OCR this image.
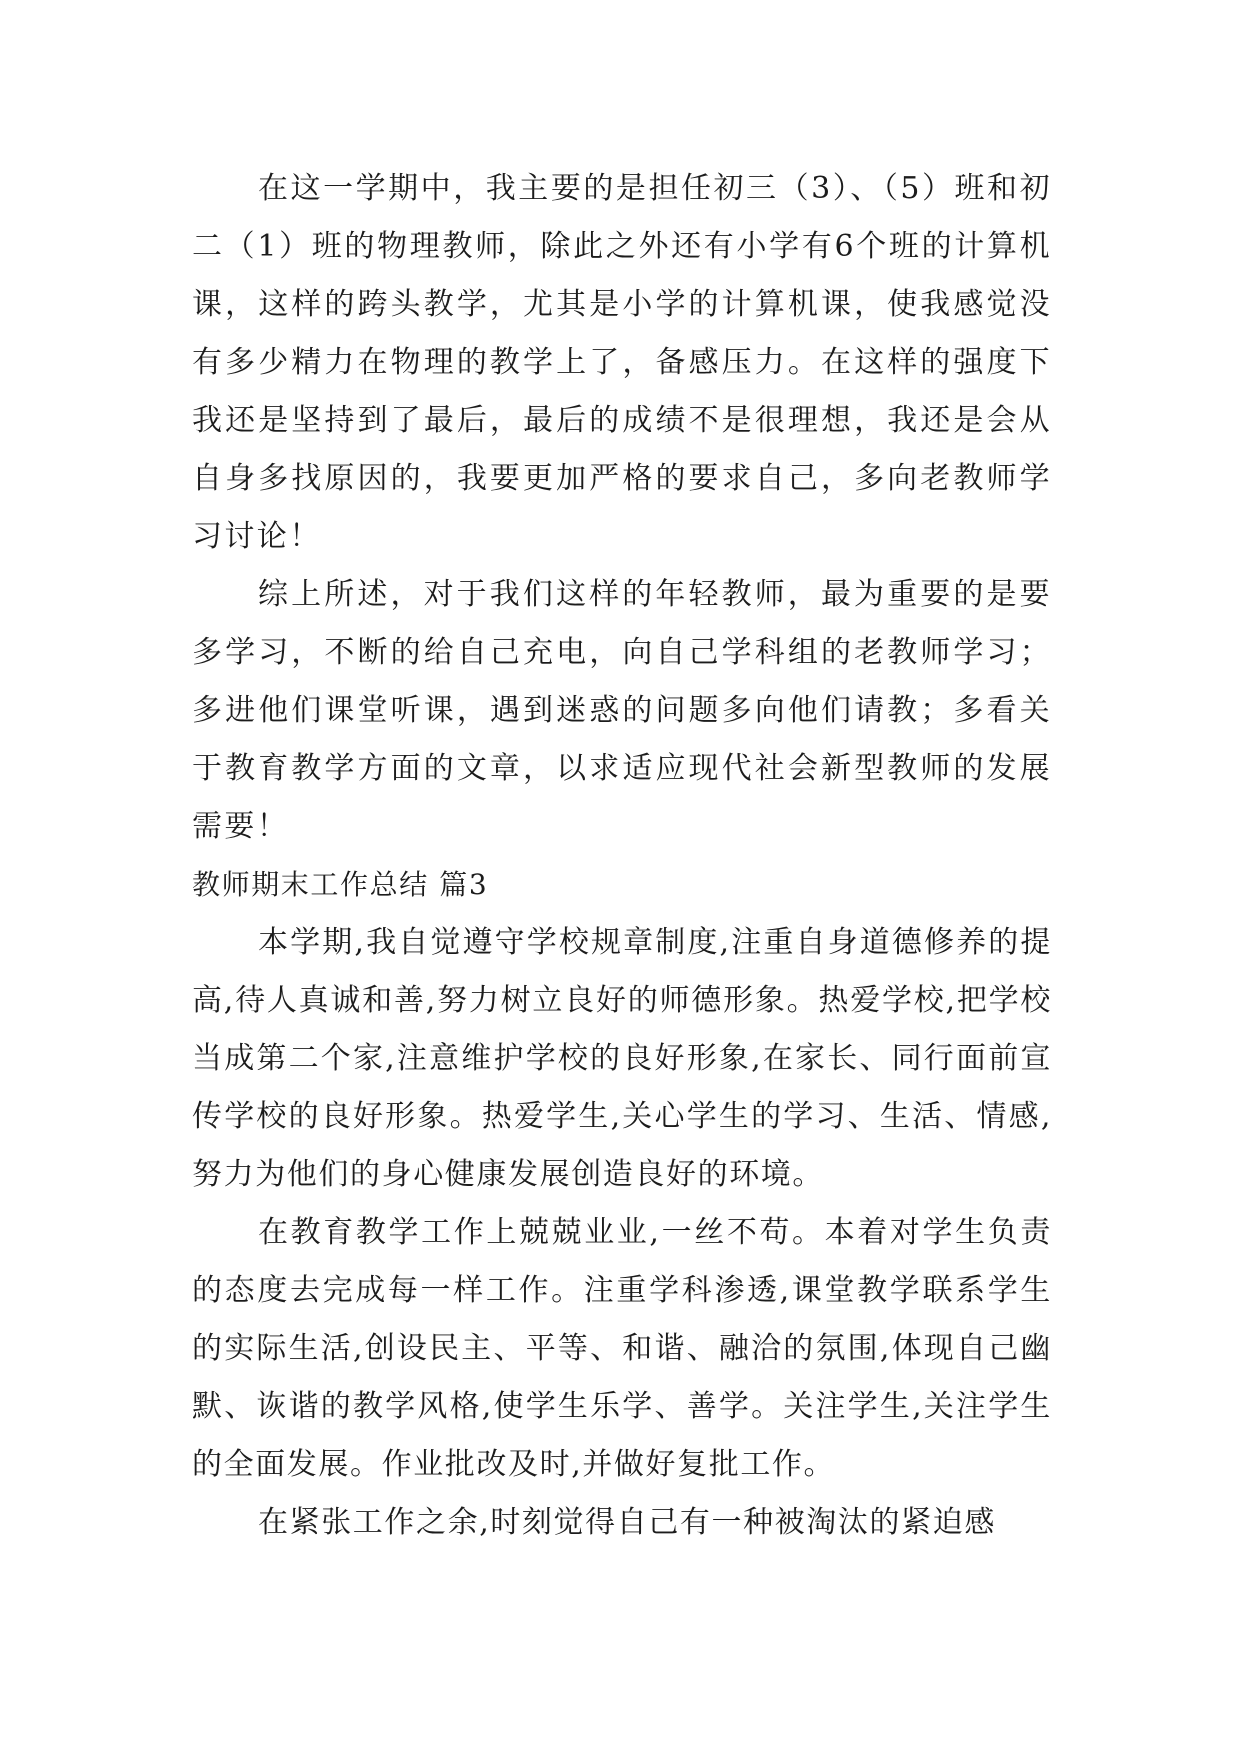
在这一学期中，我主要的是担任初三（3）、（5）班和初二（1）班的物理教师，除此之外还有小学有6个班的计算机课，这样的跨头教学，尤其是小学的计算机课，使我感觉没有多少精力在物理的教学上了，备感压力。在这样的强度下我还是坚持到了最后，最后的成绩不是很理想，我还是会从自身多找原因的，我要更加严格的要求自己，多向老教师学习讨论！

综上所述，对于我们这样的年轻教师，最为重要的是要多学习，不断的给自己充电，向自己学科组的老教师学习；多进他们课堂听课，遇到迷惑的问题多向他们请教；多看关于教育教学方面的文章，以求适应现代社会新型教师的发展需要！

教师期末工作总结 篇3

本学期,我自觉遵守学校规章制度,注重自身道德修养的提高,待人真诚和善,努力树立良好的师德形象。热爱学校,把学校当成第二个家,注意维护学校的良好形象,在家长、同行面前宣传学校的良好形象。热爱学生,关心学生的学习、生活、情感,努力为他们的身心健康发展创造良好的环境。

在教育教学工作上兢兢业业,一丝不苟。本着对学生负责的态度去完成每一样工作。注重学科渗透,课堂教学联系学生的实际生活,创设民主、平等、和谐、融洽的氛围,体现自己幽默、诙谐的教学风格,使学生乐学、善学。关注学生,关注学生的全面发展。作业批改及时,并做好复批工作。

在紧张工作之余,时刻觉得自己有一种被淘汰的紧迫感
